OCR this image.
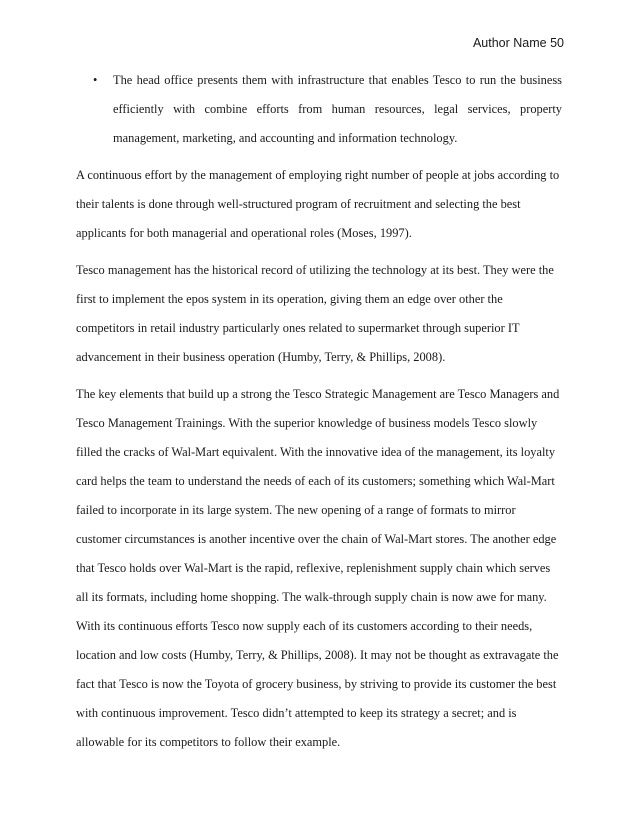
Author Name 50
• The head office presents them with infrastructure that enables Tesco to run the business efficiently with combine efforts from human resources, legal services, property management, marketing, and accounting and information technology.

A continuous effort by the management of employing right number of people at jobs according to their talents is done through well-structured program of recruitment and selecting the best applicants for both managerial and operational roles (Moses, 1997).

Tesco management has the historical record of utilizing the technology at its best. They were the first to implement the epos system in its operation, giving them an edge over other the competitors in retail industry particularly ones related to supermarket through superior IT advancement in their business operation (Humby, Terry, & Phillips, 2008).

The key elements that build up a strong the Tesco Strategic Management are Tesco Managers and Tesco Management Trainings. With the superior knowledge of business models Tesco slowly filled the cracks of Wal-Mart equivalent. With the innovative idea of the management, its loyalty card helps the team to understand the needs of each of its customers; something which Wal-Mart failed to incorporate in its large system. The new opening of a range of formats to mirror customer circumstances is another incentive over the chain of Wal-Mart stores. The another edge that Tesco holds over Wal-Mart is the rapid, reflexive, replenishment supply chain which serves all its formats, including home shopping. The walk-through supply chain is now awe for many. With its continuous efforts Tesco now supply each of its customers according to their needs, location and low costs (Humby, Terry, & Phillips, 2008). It may not be thought as extravagate the fact that Tesco is now the Toyota of grocery business, by striving to provide its customer the best with continuous improvement. Tesco didn’t attempted to keep its strategy a secret; and is allowable for its competitors to follow their example.
